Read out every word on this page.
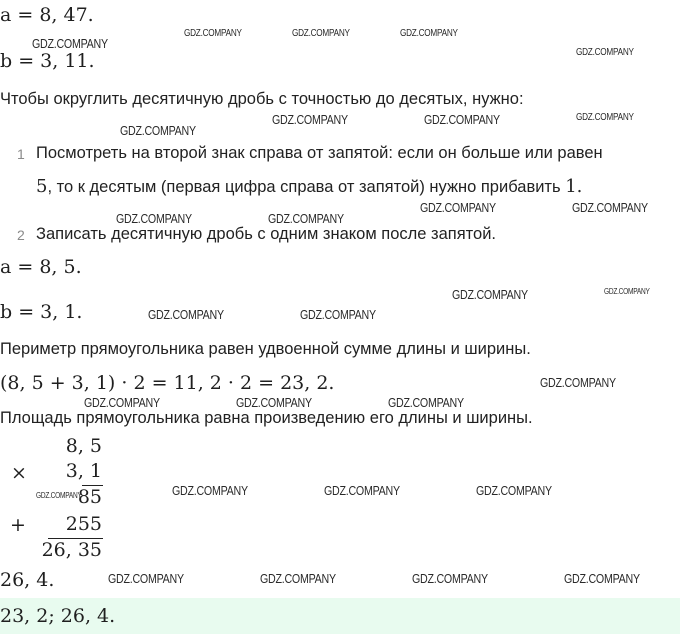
a = 8, 47.
b = 3, 11.
Чтобы округлить десятичную дробь с точностью до десятых, нужно:
1 Посмотреть на второй знак справа от запятой: если он больше или равен
5, то к десятым (первая цифра справа от запятой) нужно прибавить 1.
2 Записать десятичную дробь с одним знаком после запятой.
a = 8, 5.
b = 3, 1.
Периметр прямоугольника равен удвоенной сумме длины и ширины.
(8, 5 + 3, 1) · 2 = 11, 2 · 2 = 23, 2.
Площадь прямоугольника равна произведению его длины и ширины.
8, 5
× 3, 1
85
+ 255
26, 35
26, 4.
23, 2; 26, 4.
GDZ.COMPANY	GDZ.COMPANY	GDZ.COMPANY
GDZ.COMPANY
GDZ.COMPANY
GDZ.COMPANY
GDZ.COMPANY	GDZ.COMPANY
GDZ.COMPANY
GDZ.COMPANY	GDZ.COMPANY
GDZ.COMPANY	GDZ.COMPANY
GDZ.COMPANY	GDZ.COMPANY
GDZ.COMPANY	GDZ.COMPANY
GDZ.COMPANY
GDZ.COMPANY	GDZ.COMPANY	GDZ.COMPANY
GDZ.COMPANY	GDZ.COMPANY	GDZ.COMPANY	GDZ.COMPANY
GDZ.COMPANY	GDZ.COMPANY	GDZ.COMPANY	GDZ.COMPANY
